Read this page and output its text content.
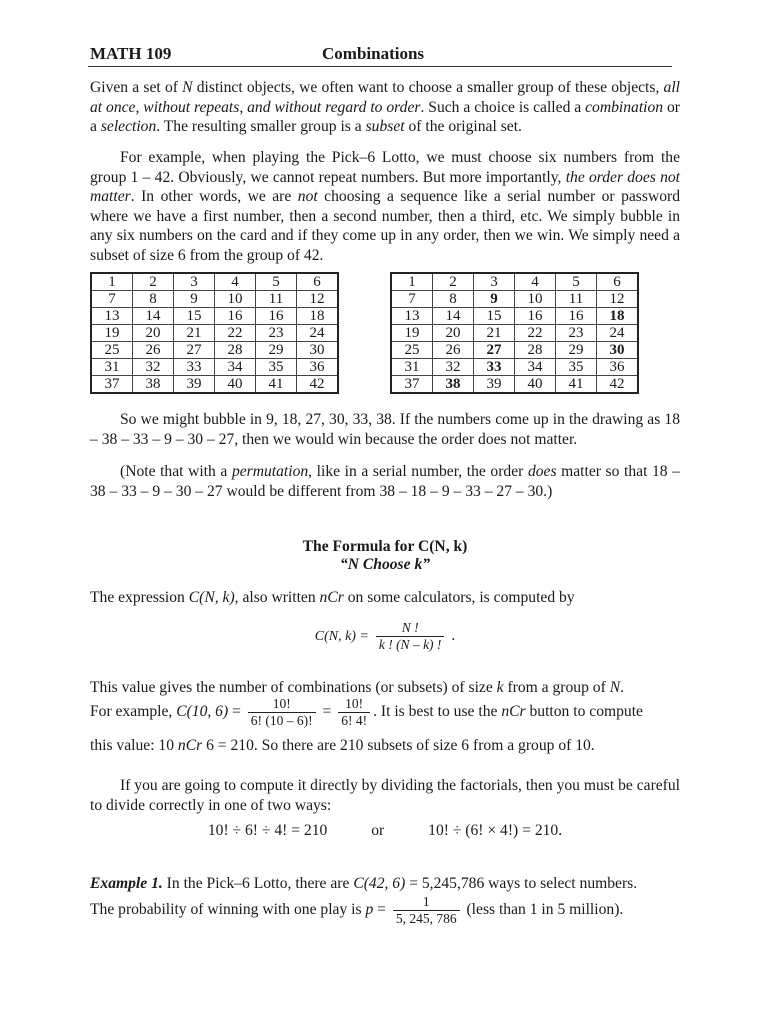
MATH 109	Combinations
Given a set of N distinct objects, we often want to choose a smaller group of these objects, all at once, without repeats, and without regard to order. Such a choice is called a combination or a selection. The resulting smaller group is a subset of the original set.
For example, when playing the Pick–6 Lotto, we must choose six numbers from the group 1 – 42. Obviously, we cannot repeat numbers. But more importantly, the order does not matter. In other words, we are not choosing a sequence like a serial number or password where we have a first number, then a second number, then a third, etc. We simply bubble in any six numbers on the card and if they come up in any order, then we win. We simply need a subset of size 6 from the group of 42.
1	2	3	4	5	6
7	8	9	10	11	12
13	14	15	16	16	18
19	20	21	22	23	24
25	26	27	28	29	30
31	32	33	34	35	36
37	38	39	40	41	42
1	2	3	4	5	6
7	8	9	10	11	12
13	14	15	16	16	18
19	20	21	22	23	24
25	26	27	28	29	30
31	32	33	34	35	36
37	38	39	40	41	42
So we might bubble in 9, 18, 27, 30, 33, 38. If the numbers come up in the drawing as 18 – 38 – 33 – 9 – 30 – 27, then we would win because the order does not matter.
(Note that with a permutation, like in a serial number, the order does matter so that 18 – 38 – 33 – 9 – 30 – 27 would be different from 38 – 18 – 9 – 33 – 27 – 30.)
The Formula for C(N, k)
“N Choose k”
The expression C(N, k), also written nCr on some calculators, is computed by
C(N, $k) = \frac{N !}{k ! (N - k) !}$ .
This value gives the number of combinations (or subsets) of size k from a group of N.
For example, C(10, $6) = \frac{10!}{6! (10 - 6)!} = \frac{10!}{6! 4!}$ . It is best to use the nCr button to compute
this value: 10 nCr 6 = 210. So there are 210 subsets of size 6 from a group of 10.
If you are going to compute it directly by dividing the factorials, then you must be careful to divide correctly in one of two ways:
10! ÷ 6! ÷ 4! = 210	or	10! ÷ (6! × 4!) = 210.
Example 1. In the Pick–6 Lotto, there are C(42, 6) = 5,245,786 ways to select numbers.
The probability of winning with one play is $p = \frac{1}{5, 245, 786}$ (less than 1 in 5 million).
